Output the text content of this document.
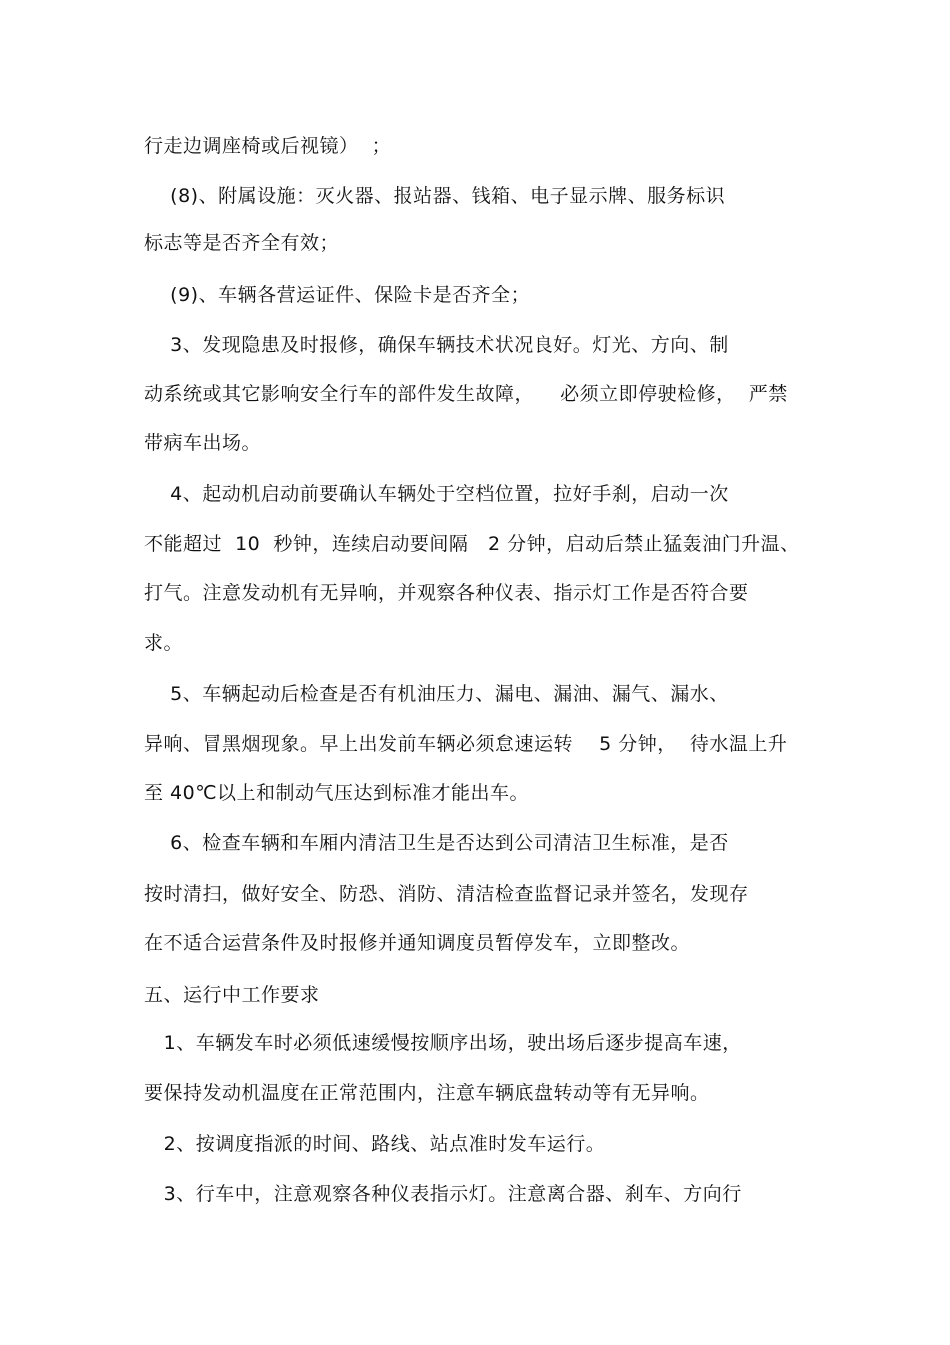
行走边调座椅或后视镜）  ；
(8)、附属设施：灭火器、报站器、钱箱、电子显示牌、服务标识
标志等是否齐全有效；
(9)、车辆各营运证件、保险卡是否齐全；
3、发现隐患及时报修，确保车辆技术状况良好。灯光、方向、制
动系统或其它影响安全行车的部件发生故障，    必须立即停驶检修，  严禁
带病车出场。
4、起动机启动前要确认车辆处于空档位置，拉好手刹，启动一次
不能超过  10  秒钟，连续启动要间隔   2 分钟，启动后禁止猛轰油门升温、
打气。注意发动机有无异响，并观察各种仪表、指示灯工作是否符合要
求。
5、车辆起动后检查是否有机油压力、漏电、漏油、漏气、漏水、
异响、冒黑烟现象。早上出发前车辆必须怠速运转    5 分钟，  待水温上升
至 40℃以上和制动气压达到标准才能出车。
6、检查车辆和车厢内清洁卫生是否达到公司清洁卫生标准，是否
按时清扫，做好安全、防恐、消防、清洁检查监督记录并签名，发现存
在不适合运营条件及时报修并通知调度员暂停发车，立即整改。
五、运行中工作要求
1、车辆发车时必须低速缓慢按顺序出场，驶出场后逐步提高车速，
要保持发动机温度在正常范围内，注意车辆底盘转动等有无异响。
2、按调度指派的时间、路线、站点准时发车运行。
3、行车中，注意观察各种仪表指示灯。注意离合器、刹车、方向行
